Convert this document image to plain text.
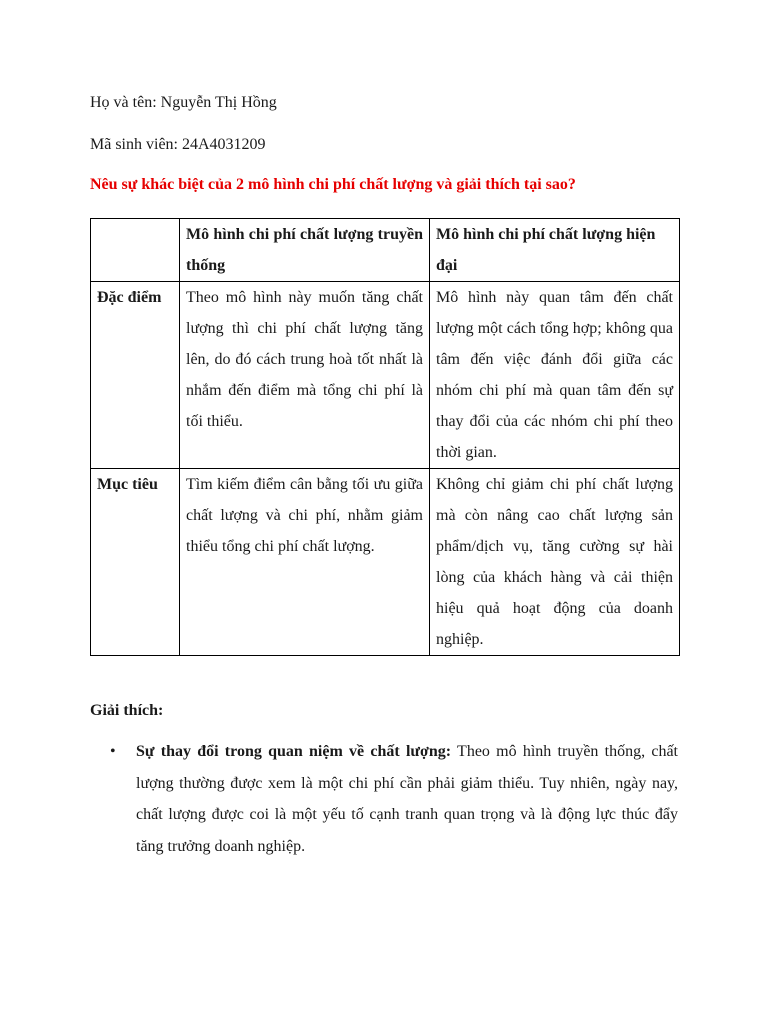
Họ và tên: Nguyễn Thị Hồng
Mã sinh viên: 24A4031209
Nêu sự khác biệt của 2 mô hình chi phí chất lượng và giải thích tại sao?
	Mô hình chi phí chất lượng truyền thống	Mô hình chi phí chất lượng hiện đại
Đặc điểm	Theo mô hình này muốn tăng chất lượng thì chi phí chất lượng tăng lên, do đó cách trung hoà tốt nhất là nhắm đến điểm mà tổng chi phí là tối thiểu.	Mô hình này quan tâm đến chất lượng một cách tổng hợp; không qua tâm đến việc đánh đổi giữa các nhóm chi phí mà quan tâm đến sự thay đổi của các nhóm chi phí theo thời gian.
Mục tiêu	Tìm kiếm điểm cân bằng tối ưu giữa chất lượng và chi phí, nhằm giảm thiểu tổng chi phí chất lượng.	Không chỉ giảm chi phí chất lượng mà còn nâng cao chất lượng sản phẩm/dịch vụ, tăng cường sự hài lòng của khách hàng và cải thiện hiệu quả hoạt động của doanh nghiệp.
Giải thích:
• Sự thay đổi trong quan niệm về chất lượng: Theo mô hình truyền thống, chất lượng thường được xem là một chi phí cần phải giảm thiểu. Tuy nhiên, ngày nay, chất lượng được coi là một yếu tố cạnh tranh quan trọng và là động lực thúc đẩy tăng trưởng doanh nghiệp.
